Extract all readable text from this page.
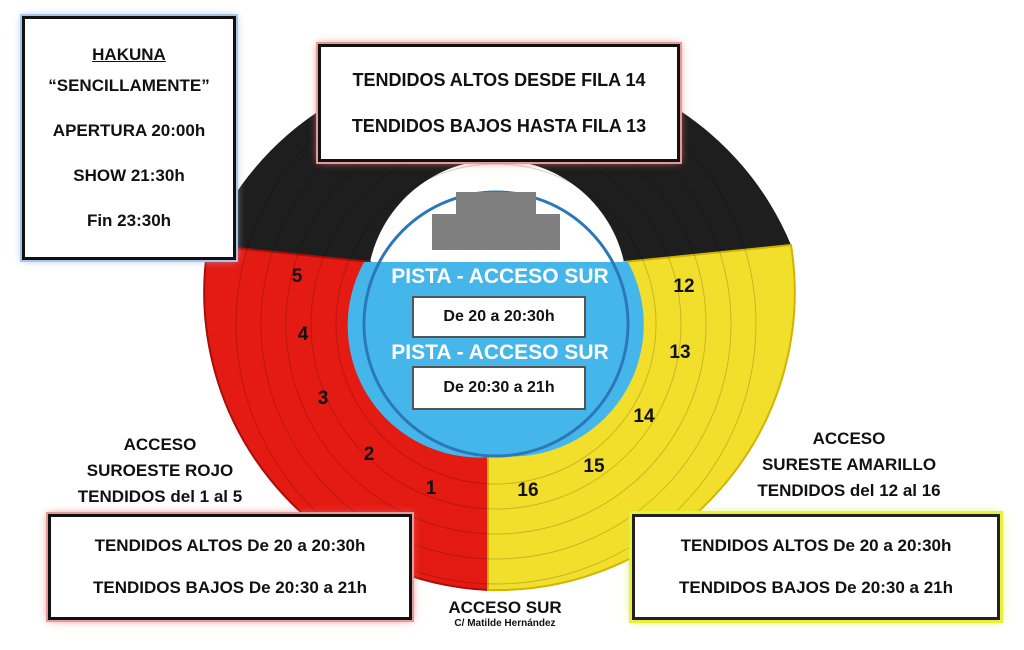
PISTA - ACCESO SUR
De 20 a 20:30h
PISTA - ACCESO SUR
De 20:30 a 21h
5
4
3
2
1
12
13
14
15
16
HAKUNA
“SENCILLAMENTE”
APERTURA 20:00h
SHOW 21:30h
Fin 23:30h
TENDIDOS ALTOS DESDE FILA 14
TENDIDOS BAJOS HASTA FILA 13
ACCESO
SUROESTE ROJO
TENDIDOS del 1 al 5
ACCESO
SURESTE AMARILLO
TENDIDOS del 12 al 16
ACCESO SUR
C/ Matilde Hernández
TENDIDOS ALTOS De 20 a 20:30h
TENDIDOS BAJOS De 20:30 a 21h
TENDIDOS ALTOS De 20 a 20:30h
TENDIDOS BAJOS De 20:30 a 21h
